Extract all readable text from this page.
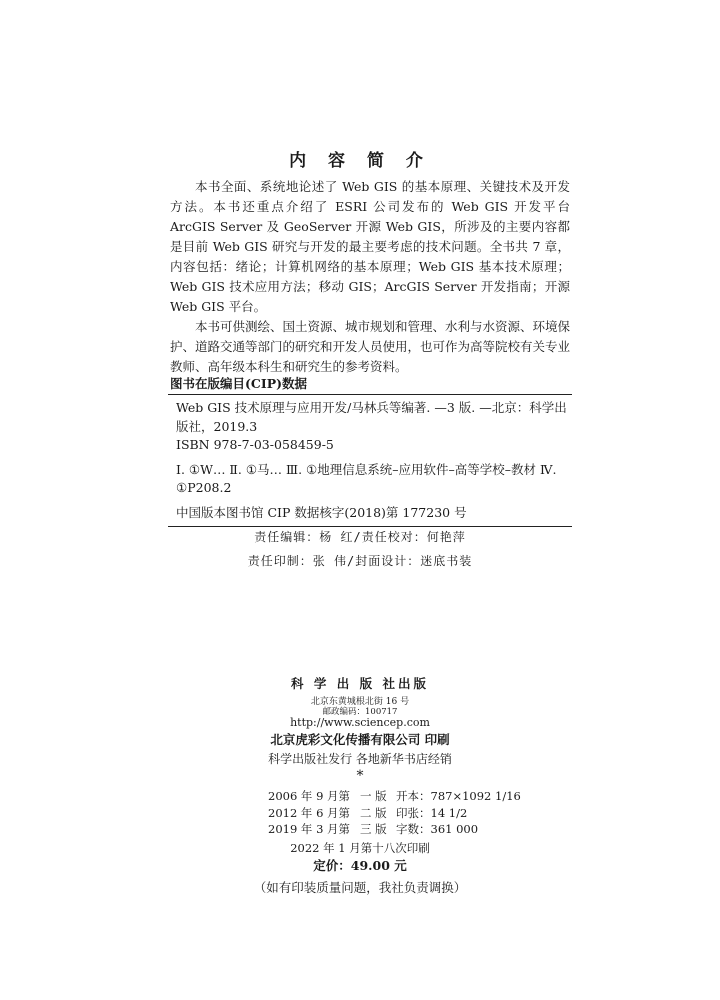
内 容 简 介

本书全面、系统地论述了 Web GIS 的基本原理、关键技术及开发方法。本书还重点介绍了 ESRI 公司发布的 Web GIS 开发平台 ArcGIS Server 及 GeoServer 开源 Web GIS，所涉及的主要内容都是目前 Web GIS 研究与开发的最主要考虑的技术问题。全书共 7 章，内容包括：绪论；计算机网络的基本原理；Web GIS 基本技术原理；Web GIS 技术应用方法；移动 GIS；ArcGIS Server 开发指南；开源 Web GIS 平台。

本书可供测绘、国土资源、城市规划和管理、水利与水资源、环境保护、道路交通等部门的研究和开发人员使用，也可作为高等院校有关专业教师、高年级本科生和研究生的参考资料。

图书在版编目(CIP)数据
Web GIS 技术原理与应用开发/马林兵等编著. —3 版. —北京：科学出版社，2019.3
ISBN 978-7-03-058459-5
Ⅰ. ①W… Ⅱ. ①马… Ⅲ. ①地理信息系统–应用软件–高等学校–教材 Ⅳ. ①P208.2
中国版本图书馆 CIP 数据核字(2018)第 177230 号
责任编辑：杨 红/责任校对：何艳萍
责任印制：张 伟/封面设计：迷底书装
科 学 出 版 社出版
北京东黄城根北街 16 号
邮政编码：100717
http://www.sciencep.com
北京虎彩文化传播有限公司 印刷
科学出版社发行 各地新华书店经销
*
2006 年 9 月第 一 版 开本：787×1092 1/16
2012 年 6 月第 二 版 印张：14 1/2
2019 年 3 月第 三 版 字数：361 000
2022 年 1 月第十八次印刷
定价：49.00 元
（如有印装质量问题，我社负责调换）
